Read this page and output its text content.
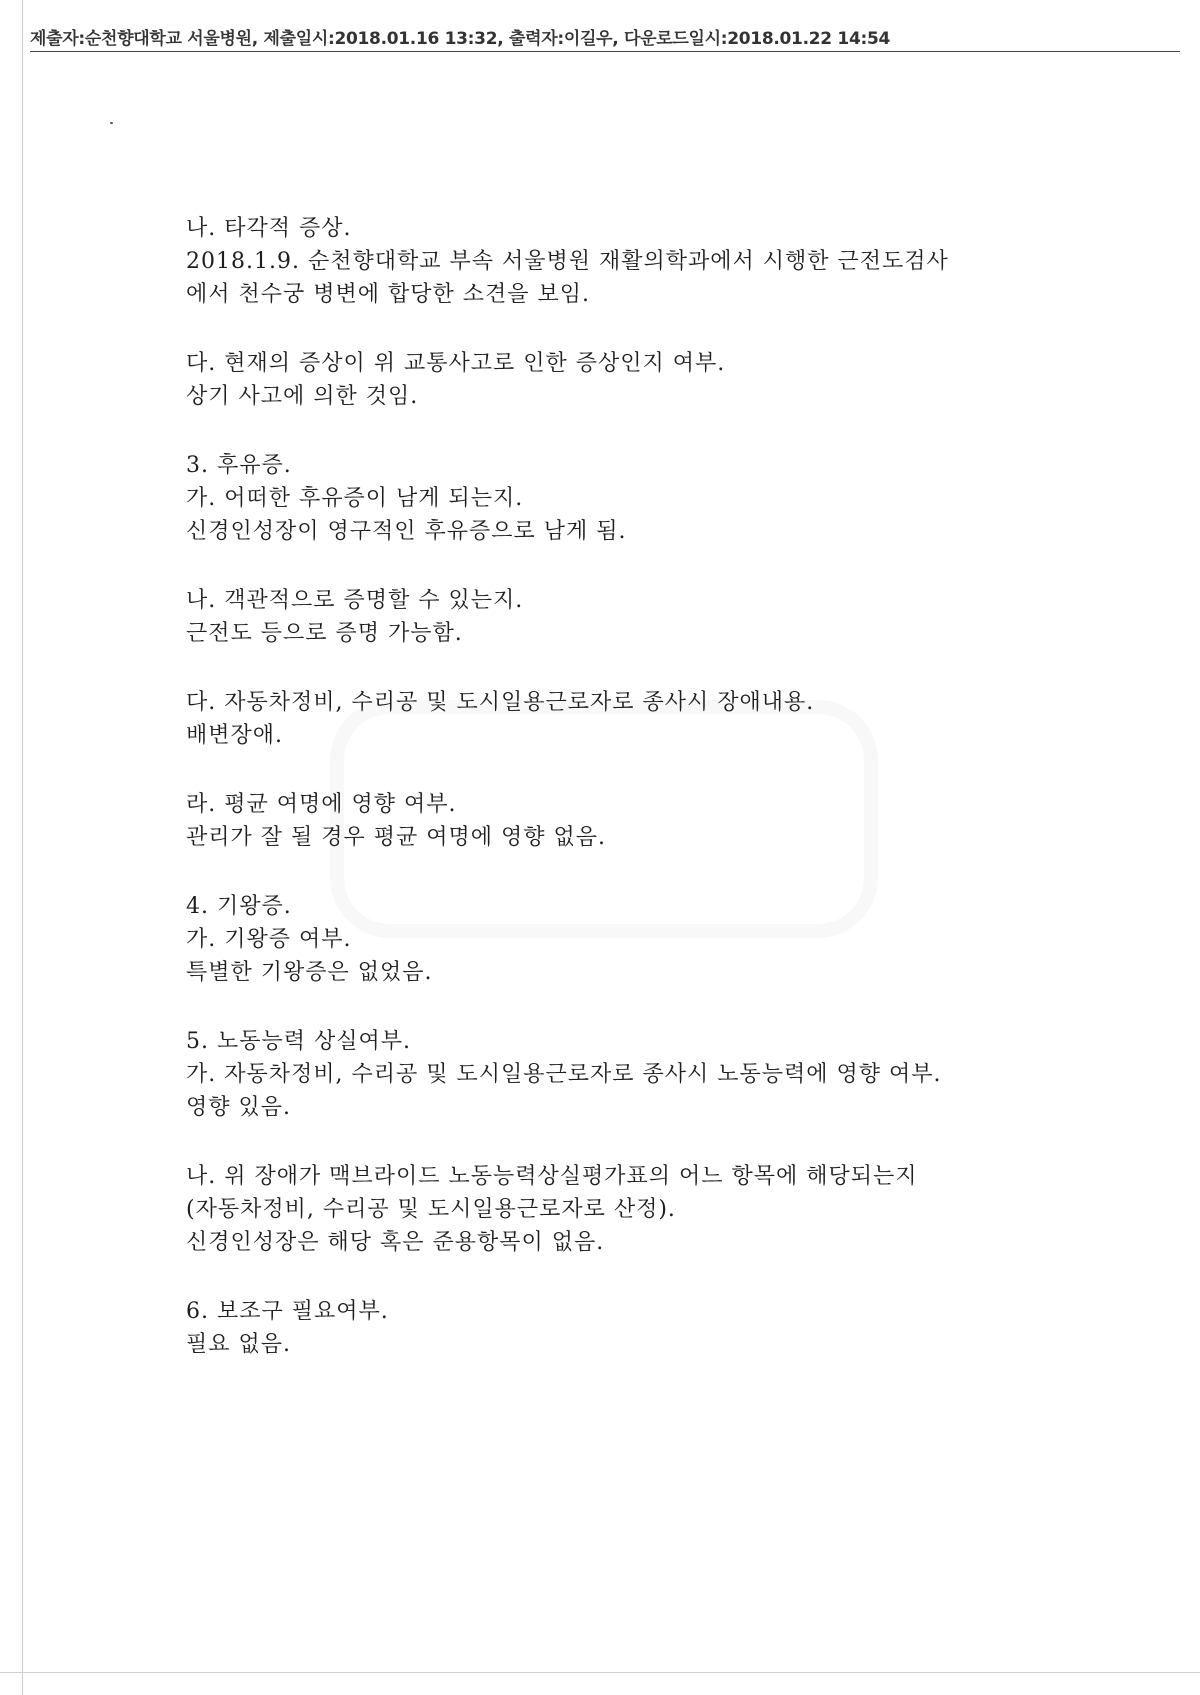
제출자:순천향대학교 서울병원, 제출일시:2018.01.16 13:32, 출력자:이길우, 다운로드일시:2018.01.22 14:54
나. 타각적 증상.
2018.1.9. 순천향대학교 부속 서울병원 재활의학과에서 시행한 근전도검사
에서 천수궁 병변에 합당한 소견을 보임.
다. 현재의 증상이 위 교통사고로 인한 증상인지 여부.
상기 사고에 의한 것임.
3. 후유증.
가. 어떠한 후유증이 남게 되는지.
신경인성장이 영구적인 후유증으로 남게 됨.
나. 객관적으로 증명할 수 있는지.
근전도 등으로 증명 가능함.
다. 자동차정비, 수리공 및 도시일용근로자로 종사시 장애내용.
배변장애.
라. 평균 여명에 영향 여부.
관리가 잘 될 경우 평균 여명에 영향 없음.
4. 기왕증.
가. 기왕증 여부.
특별한 기왕증은 없었음.
5. 노동능력 상실여부.
가. 자동차정비, 수리공 및 도시일용근로자로 종사시 노동능력에 영향 여부.
영향 있음.
나. 위 장애가 맥브라이드 노동능력상실평가표의 어느 항목에 해당되는지
(자동차정비, 수리공 및 도시일용근로자로 산정).
신경인성장은 해당 혹은 준용항목이 없음.
6. 보조구 필요여부.
필요 없음.
